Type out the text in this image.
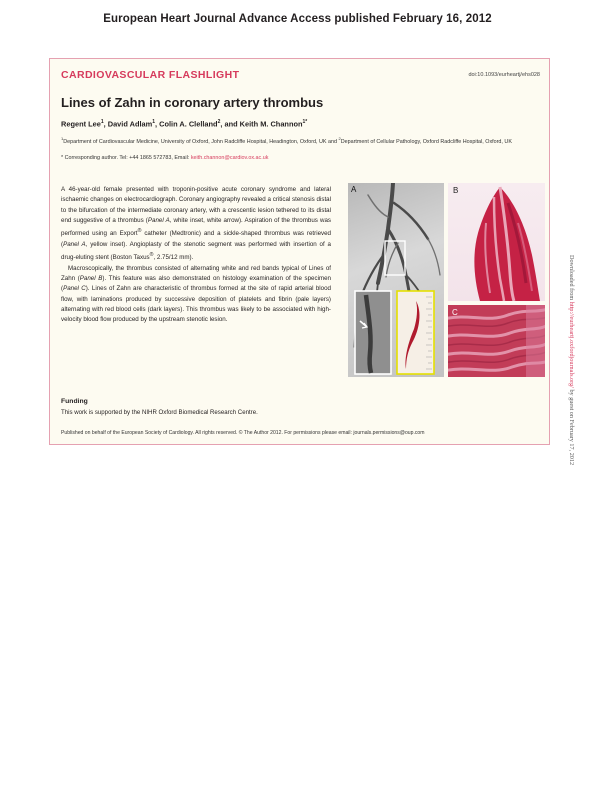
European Heart Journal Advance Access published February 16, 2012
CARDIOVASCULAR FLASHLIGHT	doi:10.1093/eurheartj/ehs028
Lines of Zahn in coronary artery thrombus
Regent Lee$^1$, David Adlam$^1$, Colin A. Clelland$^2$, and Keith M. Channon$^{1*}$
$^1$Department of Cardiovascular Medicine, University of Oxford, John Radcliffe Hospital, Headington, Oxford, UK and $^2$Department of Cellular Pathology, Oxford Radcliffe Hospital, Oxford, UK
* Corresponding author. Tel: +44 1865 572783, Email: keith.channon@cardiov.ox.ac.uk

A 46-year-old female presented with troponin-positive acute coronary syndrome and lateral ischaemic changes on electrocardiograph. Coronary angiography revealed a critical stenosis distal to the bifurcation of the intermediate coronary artery, with a crescentic lesion tethered to its distal end suggestive of a thrombus (Panel A, white inset, white arrow). Aspiration of the thrombus was performed using an Export® catheter (Medtronic) and a sickle-shaped thrombus was retrieved (Panel A, yellow inset). Angioplasty of the stenotic segment was performed with insertion of a drug-eluting stent (Boston Taxus®, 2.75/12 mm).

Macroscopically, the thrombus consisted of alternating white and red bands typical of Lines of Zahn (Panel B). This feature was also demonstrated on histology examination of the specimen (Panel C). Lines of Zahn are characteristic of thrombus formed at the site of rapid arterial blood flow, with laminations produced by successive deposition of platelets and fibrin (pale layers) alternating with red blood cells (dark layers). This thrombus was likely to be associated with high-velocity blood flow produced by the upstream stenotic lesion.

A	B
C
Funding
This work is supported by the NIHR Oxford Biomedical Research Centre.
Published on behalf of the European Society of Cardiology. All rights reserved. © The Author 2012. For permissions please email: journals.permissions@oup.com
Downloaded from http://eurheartj.oxfordjournals.org/ by guest on February 17, 2012
